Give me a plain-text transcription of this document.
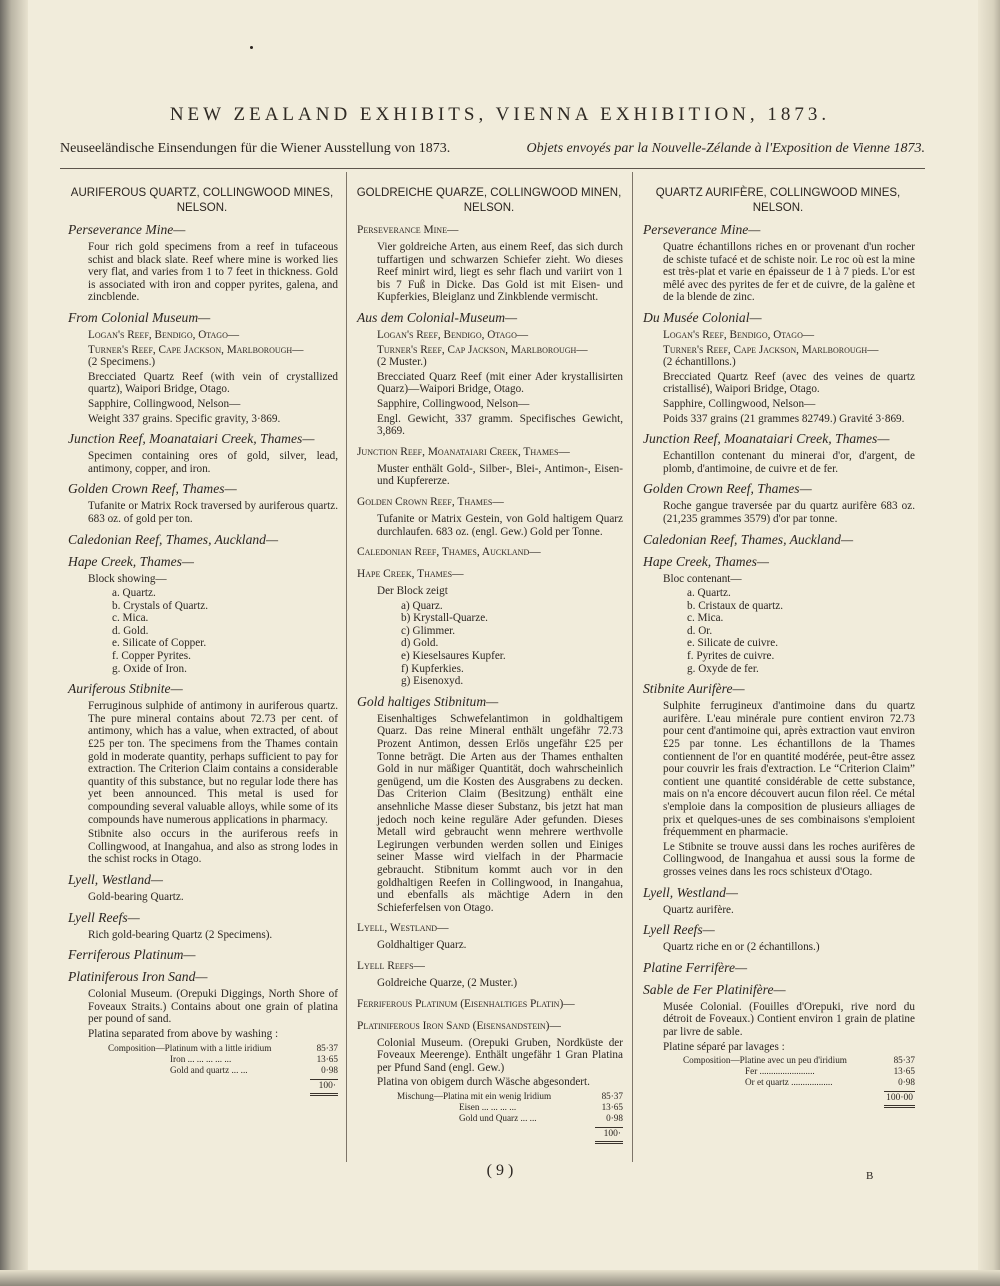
NEW ZEALAND EXHIBITS, VIENNA EXHIBITION, 1873.
Neuseeländische Einsendungen für die Wiener Ausstellung von 1873.	Objets envoyés par la Nouvelle-Zélande à l'Exposition de Vienne 1873.
AURIFEROUS QUARTZ, COLLINGWOOD MINES,
NELSON.
Perseverance Mine—
Four rich gold specimens from a reef in tufaceous schist and black slate. Reef where mine is worked lies very flat, and varies from 1 to 7 feet in thickness. Gold is associated with iron and copper pyrites, galena, and zincblende.
From Colonial Museum—
Logan's Reef, Bendigo, Otago—
Turner's Reef, Cape Jackson, Marlborough—
(2 Specimens.)
Brecciated Quartz Reef (with vein of crystallized quartz), Waipori Bridge, Otago.
Sapphire, Collingwood, Nelson—
Weight 337 grains. Specific gravity, 3·869.
Junction Reef, Moanataiari Creek, Thames—
Specimen containing ores of gold, silver, lead, antimony, copper, and iron.
Golden Crown Reef, Thames—
Tufanite or Matrix Rock traversed by auriferous quartz. 683 oz. of gold per ton.
Caledonian Reef, Thames, Auckland—
Hape Creek, Thames—
Block showing—
a. Quartz.
b. Crystals of Quartz.
c. Mica.
d. Gold.
e. Silicate of Copper.
f. Copper Pyrites.
g. Oxide of Iron.
Auriferous Stibnite—
Ferruginous sulphide of antimony in auriferous quartz. The pure mineral contains about 72.73 per cent. of antimony, which has a value, when extracted, of about £25 per ton. The specimens from the Thames contain gold in moderate quantity, perhaps sufficient to pay for extraction. The Criterion Claim contains a considerable quantity of this substance, but no regular lode there has yet been announced. This metal is used for compounding several valuable alloys, while some of its compounds have numerous applications in pharmacy.
Stibnite also occurs in the auriferous reefs in Collingwood, at Inangahua, and also as strong lodes in the schist rocks in Otago.
Lyell, Westland—
Gold-bearing Quartz.
Lyell Reefs—
Rich gold-bearing Quartz (2 Specimens).
Ferriferous Platinum—
Platiniferous Iron Sand—
Colonial Museum. (Orepuki Diggings, North Shore of Foveaux Straits.) Contains about one grain of platina per pound of sand.
Platina separated from above by washing :
Composition—Platinum with a little iridium	85·37
Iron ... ... ... ... ...	13·65
Gold and quartz ... ...	0·98
100·
GOLDREICHE QUARZE, COLLINGWOOD MINEN,
NELSON.
Perseverance Mine—
Vier goldreiche Arten, aus einem Reef, das sich durch tuffartigen und schwarzen Schiefer zieht. Wo dieses Reef minirt wird, liegt es sehr flach und variirt von 1 bis 7 Fuß in Dicke. Das Gold ist mit Eisen- und Kupferkies, Bleiglanz und Zinkblende vermischt.
Aus dem Colonial-Museum—
Logan's Reef, Bendigo, Otago—
Turner's Reef, Cap Jackson, Marlborough—
(2 Muster.)
Brecciated Quarz Reef (mit einer Ader krystallisirten Quarz)—Waipori Bridge, Otago.
Sapphire, Collingwood, Nelson—
Engl. Gewicht, 337 gramm. Specifisches Gewicht, 3,869.
Junction Reef, Moanataiari Creek, Thames—
Muster enthält Gold-, Silber-, Blei-, Antimon-, Eisen- und Kupfererze.
Golden Crown Reef, Thames—
Tufanite or Matrix Gestein, von Gold haltigem Quarz durchlaufen. 683 oz. (engl. Gew.) Gold per Tonne.
Caledonian Reef, Thames, Auckland—
Hape Creek, Thames—
Der Block zeigt
a) Quarz.
b) Krystall-Quarze.
c) Glimmer.
d) Gold.
e) Kieselsaures Kupfer.
f) Kupferkies.
g) Eisenoxyd.
Gold haltiges Stibnitum—
Eisenhaltiges Schwefelantimon in goldhaltigem Quarz. Das reine Mineral enthält ungefähr 72.73 Prozent Antimon, dessen Erlös ungefähr £25 per Tonne beträgt. Die Arten aus der Thames enthalten Gold in nur mäßiger Quantität, doch wahrscheinlich genügend, um die Kosten des Ausgrabens zu decken. Das Criterion Claim (Besitzung) enthält eine ansehnliche Masse dieser Substanz, bis jetzt hat man jedoch noch keine reguläre Ader gefunden. Dieses Metall wird gebraucht wenn mehrere werthvolle Legirungen verbunden werden sollen und Einiges seiner Masse wird vielfach in der Pharmacie gebraucht. Stibnitum kommt auch vor in den goldhaltigen Reefen in Collingwood, in Inangahua, und ebenfalls als mächtige Adern in den Schieferfelsen von Otago.
Lyell, Westland—
Goldhaltiger Quarz.
Lyell Reefs—
Goldreiche Quarze, (2 Muster.)
Ferriferous Platinum (Eisenhaltiges Platin)—
Platiniferous Iron Sand (Eisensandstein)—
Colonial Museum. (Orepuki Gruben, Nordküste der Foveaux Meerenge). Enthält ungefähr 1 Gran Platina per Pfund Sand (engl. Gew.)
Platina von obigem durch Wäsche abgesondert.
Mischung—Platina mit ein wenig Iridium	85·37
Eisen ... ... ... ...	13·65
Gold und Quarz ... ...	0·98
100·
QUARTZ AURIFÈRE, COLLINGWOOD MINES,
NELSON.
Perseverance Mine—
Quatre échantillons riches en or provenant d'un rocher de schiste tufacé et de schiste noir. Le roc où est la mine est très-plat et varie en épaisseur de 1 à 7 pieds. L'or est mêlé avec des pyrites de fer et de cuivre, de la galène et de la blende de zinc.
Du Musée Colonial—
Logan's Reef, Bendigo, Otago—
Turner's Reef, Cape Jackson, Marlborough—
(2 échantillons.)
Brecciated Quartz Reef (avec des veines de quartz cristallisé), Waipori Bridge, Otago.
Sapphire, Collingwood, Nelson—
Poids 337 grains (21 grammes 82749.) Gravité 3·869.
Junction Reef, Moanataiari Creek, Thames—
Echantillon contenant du minerai d'or, d'argent, de plomb, d'antimoine, de cuivre et de fer.
Golden Crown Reef, Thames—
Roche gangue traversée par du quartz aurifère 683 oz. (21,235 grammes 3579) d'or par tonne.
Caledonian Reef, Thames, Auckland—
Hape Creek, Thames—
Bloc contenant—
a. Quartz.
b. Cristaux de quartz.
c. Mica.
d. Or.
e. Silicate de cuivre.
f. Pyrites de cuivre.
g. Oxyde de fer.
Stibnite Aurifère—
Sulphite ferrugineux d'antimoine dans du quartz aurifère. L'eau minérale pure contient environ 72.73 pour cent d'antimoine qui, après extraction vaut environ £25 par tonne. Les échantillons de la Thames contiennent de l'or en quantité modérée, peut-être assez pour couvrir les frais d'extraction. Le “Criterion Claim” contient une quantité considérable de cette substance, mais on n'a encore découvert aucun filon réel. Ce métal s'emploie dans la composition de plusieurs alliages de prix et quelques-unes de ses combinaisons s'emploient fréquemment en pharmacie.
Le Stibnite se trouve aussi dans les roches aurifères de Collingwood, de Inangahua et aussi sous la forme de grosses veines dans les rocs schisteux d'Otago.
Lyell, Westland—
Quartz aurifère.
Lyell Reefs—
Quartz riche en or (2 échantillons.)
Platine Ferrifère—
Sable de Fer Platinifère—
Musée Colonial. (Fouilles d'Orepuki, rive nord du détroit de Foveaux.) Contient environ 1 grain de platine par livre de sable.
Platine séparé par lavages :
Composition—Platine avec un peu d'iridium	85·37
Fer ........................	13·65
Or et quartz ..................	0·98
100·00
( 9 )	B
